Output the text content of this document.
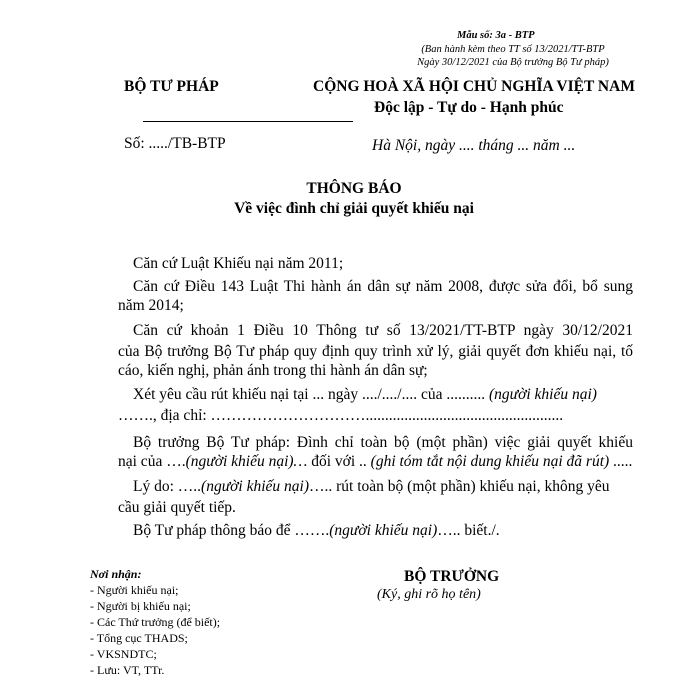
Mẫu số: 3a - BTP
(Ban hành kèm theo TT số 13/2021/TT-BTP
Ngày 30/12/2021 của Bộ trưởng Bộ Tư pháp)
BỘ TƯ PHÁP	CỘNG HOÀ XÃ HỘI CHỦ NGHĨA VIỆT NAM
Độc lập - Tự do - Hạnh phúc
Số: ...../TB-BTP	Hà Nội, ngày .... tháng ... năm ...
THÔNG BÁO
Về việc đình chỉ giải quyết khiếu nại
Căn cứ Luật Khiếu nại năm 2011;
Căn cứ Điều 143 Luật Thi hành án dân sự năm 2008, được sửa đổi, bổ sung
năm 2014;
Căn cứ khoản 1 Điều 10 Thông tư số 13/2021/TT-BTP ngày 30/12/2021
của Bộ trưởng Bộ Tư pháp quy định quy trình xử lý, giải quyết đơn khiếu nại, tố
cáo, kiến nghị, phản ánh trong thi hành án dân sự;
Xét yêu cầu rút khiếu nại tại ... ngày ..../..../.... của .......... (người khiếu nại)
……., địa chỉ: …………………………...................................................
Bộ trưởng Bộ Tư pháp: Đình chỉ toàn bộ (một phần) việc giải quyết khiếu
nại của ….(người khiếu nại)… đối với .. (ghi tóm tắt nội dung khiếu nại đã rút) .....
Lý do: …..(người khiếu nại)….. rút toàn bộ (một phần) khiếu nại, không yêu
cầu giải quyết tiếp.
Bộ Tư pháp thông báo để …….(người khiếu nại)….. biết./.
Nơi nhận:
- Người khiếu nại;
- Người bị khiếu nại;
- Các Thứ trưởng (để biết);
- Tổng cục THADS;
- VKSNDTC;
- Lưu: VT, TTr.
BỘ TRƯỞNG
(Ký, ghi rõ họ tên)
